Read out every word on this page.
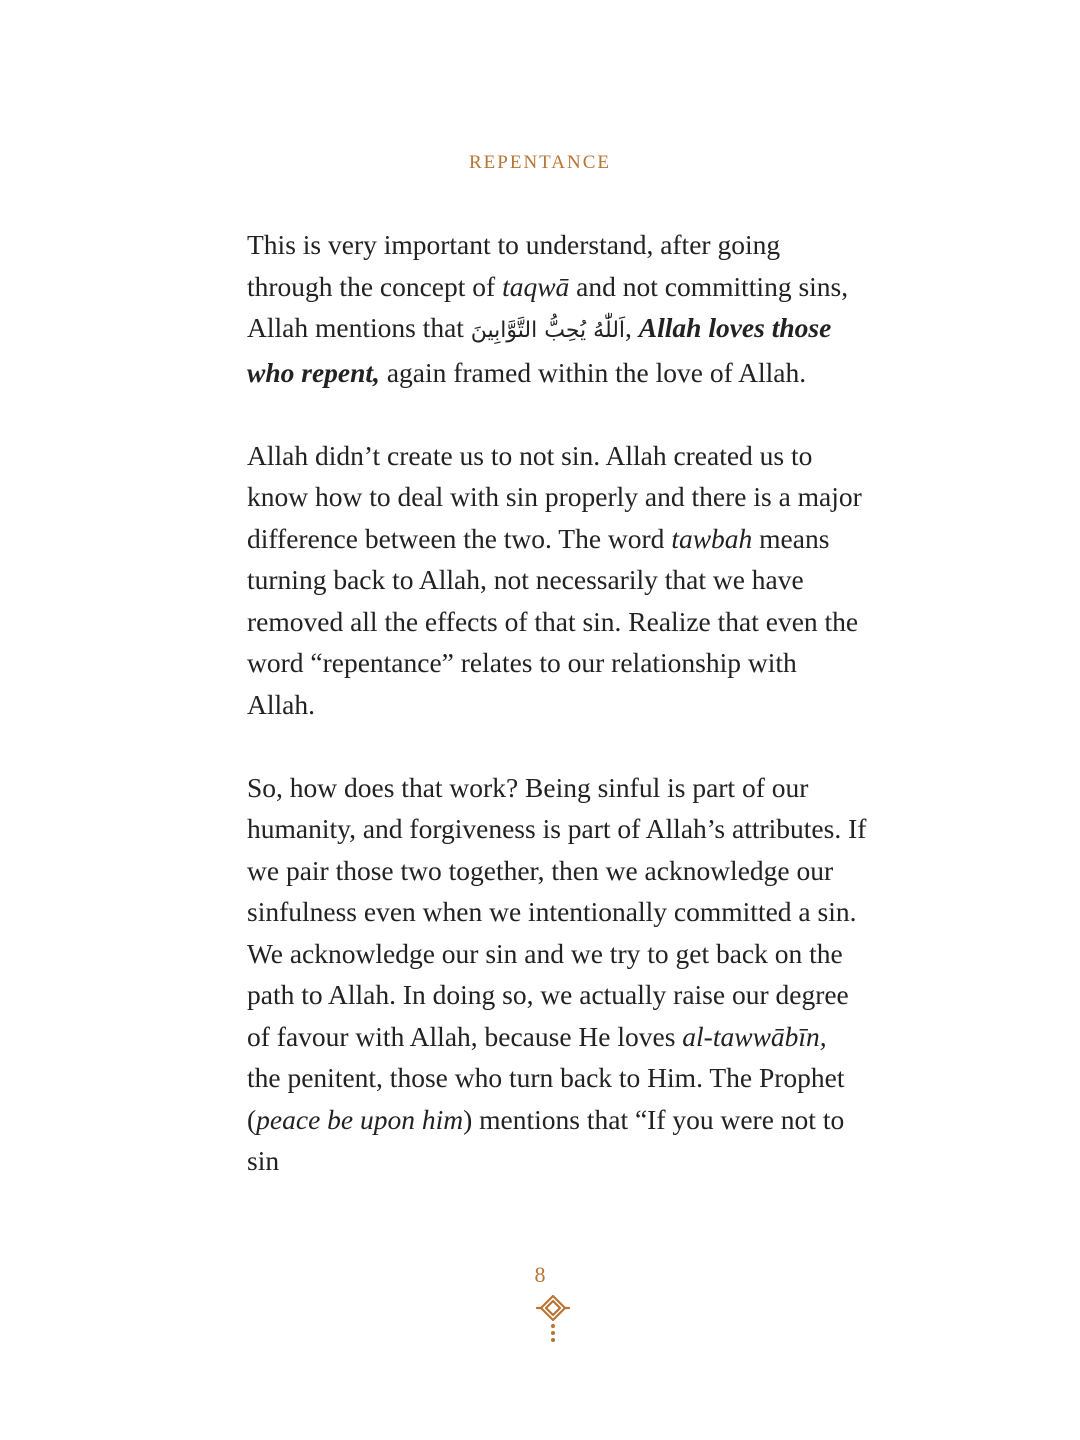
REPENTANCE

This is very important to understand, after going through the concept of taqwā and not committing sins, Allah mentions that اَللّٰهُ يُحِبُّ التَّوَّابِينَ, Allah loves those who repent, again framed within the love of Allah.

Allah didn’t create us to not sin. Allah created us to know how to deal with sin properly and there is a major difference between the two. The word tawbah means turning back to Allah, not necessarily that we have removed all the effects of that sin. Realize that even the word “repentance” relates to our relationship with Allah.

So, how does that work? Being sinful is part of our humanity, and forgiveness is part of Allah’s attributes. If we pair those two together, then we acknowledge our sinfulness even when we intentionally committed a sin. We acknowledge our sin and we try to get back on the path to Allah. In doing so, we actually raise our degree of favour with Allah, because He loves al-tawwābīn, the penitent, those who turn back to Him. The Prophet (peace be upon him) mentions that “If you were not to sin

8
